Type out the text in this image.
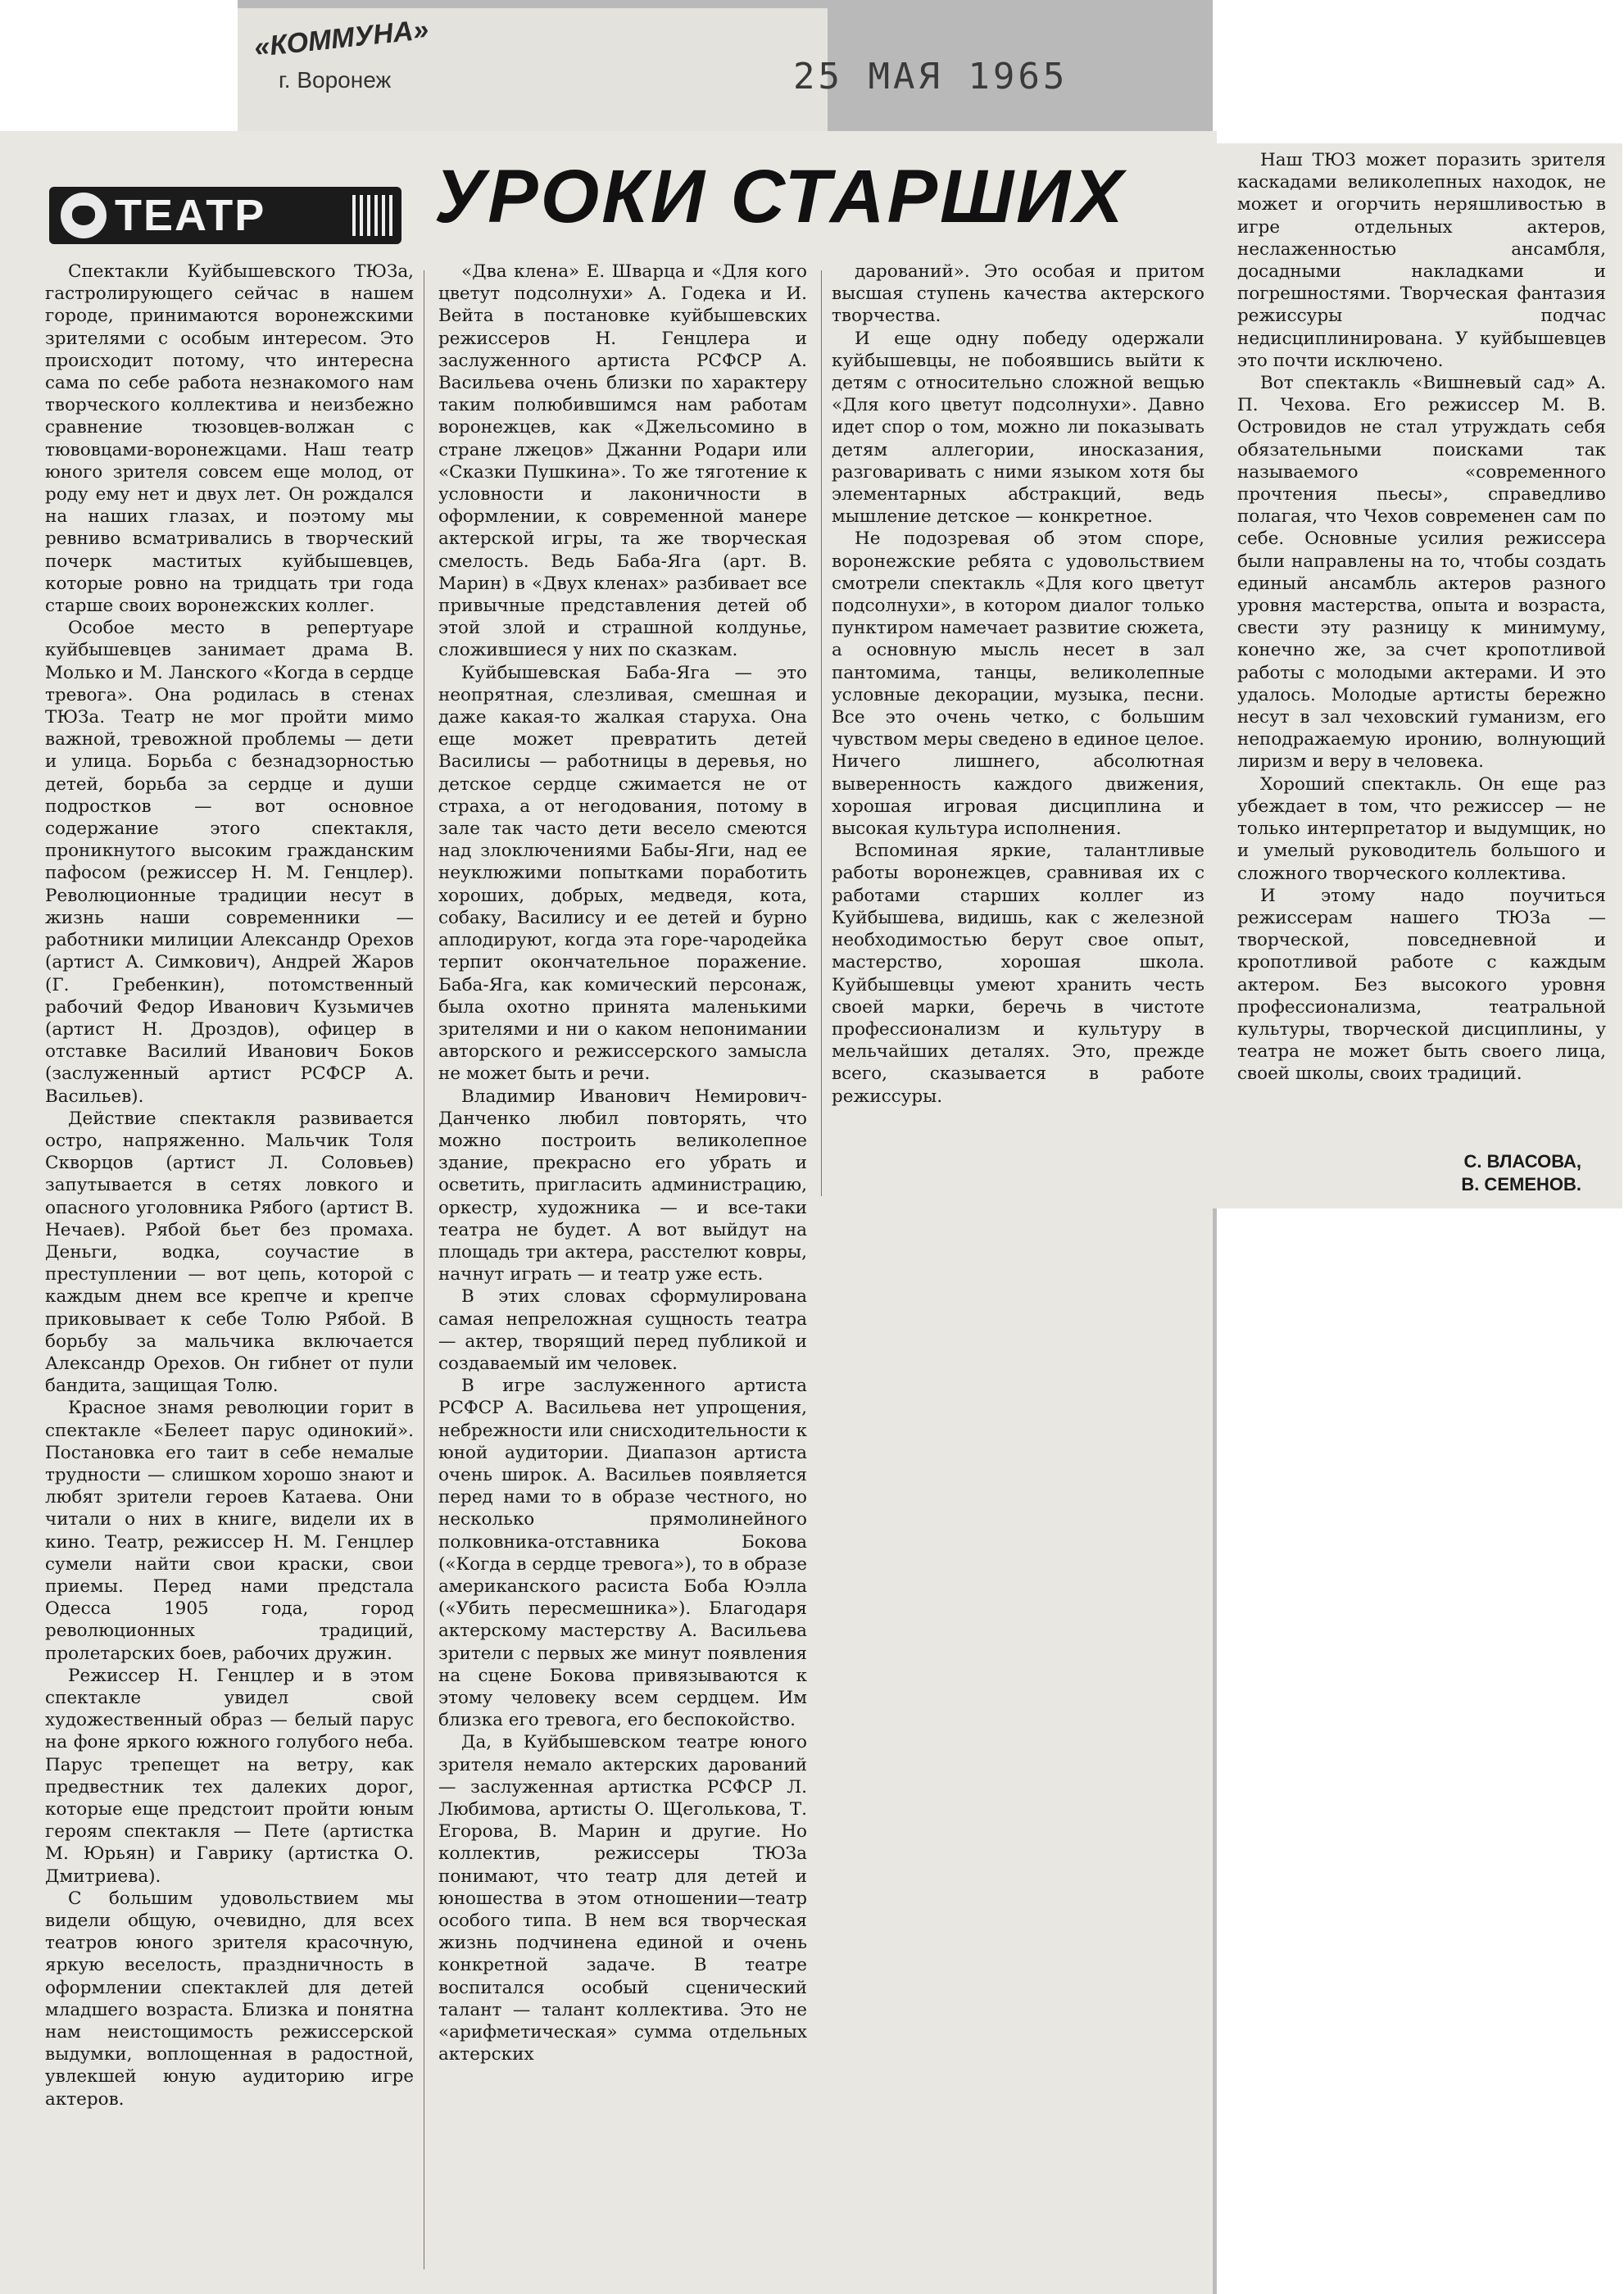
«КОММУНА»
г. Воронеж	25 МАЯ 1965
ТЕАТР УРОКИ СТАРШИХ

Спектакли Куйбышевского ТЮЗа, гастролирующего сейчас в нашем городе, принимаются воронежскими зрителями с особым интересом. Это происходит потому, что интересна сама по себе работа незнакомого нам творческого коллектива и неизбежно сравнение тюзовцев-волжан с тювовцами-воронежцами. Наш театр юного зрителя совсем еще молод, от роду ему нет и двух лет. Он рождался на наших глазах, и поэтому мы ревниво всматривались в творческий почерк маститых куйбышевцев, которые ровно на тридцать три года старше своих воронежских коллег.

Особое место в репертуаре куйбышевцев занимает драма В. Молько и М. Ланского «Когда в сердце тревога». Она родилась в стенах ТЮЗа. Театр не мог пройти мимо важной, тревожной проблемы — дети и улица. Борьба с безнадзорностью детей, борьба за сердце и души подростков — вот основное содержание этого спектакля, проникнутого высоким гражданским пафосом (режиссер Н. М. Генцлер). Революционные традиции несут в жизнь наши современники — работники милиции Александр Орехов (артист А. Симкович), Андрей Жаров (Г. Гребенкин), потомственный рабочий Федор Иванович Кузьмичев (артист Н. Дроздов), офицер в отставке Василий Иванович Боков (заслуженный артист РСФСР А. Васильев).

Действие спектакля развивается остро, напряженно. Мальчик Толя Скворцов (артист Л. Соловьев) запутывается в сетях ловкого и опасного уголовника Рябого (артист В. Нечаев). Рябой бьет без промаха. Деньги, водка, соучастие в преступлении — вот цепь, которой с каждым днем все крепче и крепче приковывает к себе Толю Рябой. В борьбу за мальчика включается Александр Орехов. Он гибнет от пули бандита, защищая Толю.

Красное знамя революции горит в спектакле «Белеет парус одинокий». Постановка его таит в себе немалые трудности — слишком хорошо знают и любят зрители героев Катаева. Они читали о них в книге, видели их в кино. Театр, режиссер Н. М. Генцлер сумели найти свои краски, свои приемы. Перед нами предстала Одесса 1905 года, город революционных традиций, пролетарских боев, рабочих дружин.

Режиссер Н. Генцлер и в этом спектакле увидел свой художественный образ — белый парус на фоне яркого южного голубого неба. Парус трепещет на ветру, как предвестник тех далеких дорог, которые еще предстоит пройти юным героям спектакля — Пете (артистка М. Юрьян) и Гаврику (артистка О. Дмитриева).

С большим удовольствием мы видели общую, очевидно, для всех театров юного зрителя красочную, яркую веселость, праздничность в оформлении спектаклей для детей младшего возраста. Близка и понятна нам неистощимость режиссерской выдумки, воплощенная в радостной, увлекшей юную аудиторию игре актеров.

«Два клена» Е. Шварца и «Для кого цветут подсолнухи» А. Годека и И. Вейта в постановке куйбышевских режиссеров Н. Генцлера и заслуженного артиста РСФСР А. Васильева очень близки по характеру таким полюбившимся нам работам воронежцев, как «Джельсомино в стране лжецов» Джанни Родари или «Сказки Пушкина». То же тяготение к условности и лаконичности в оформлении, к современной манере актерской игры, та же творческая смелость. Ведь Баба-Яга (арт. В. Марин) в «Двух кленах» разбивает все привычные представления детей об этой злой и страшной колдунье, сложившиеся у них по сказкам.

Куйбышевская Баба-Яга — это неопрятная, слезливая, смешная и даже какая-то жалкая старуха. Она еще может превратить детей Василисы — работницы в деревья, но детское сердце сжимается не от страха, а от негодования, потому в зале так часто дети весело смеются над злоключениями Бабы-Яги, над ее неуклюжими попытками поработить хороших, добрых, медведя, кота, собаку, Василису и ее детей и бурно аплодируют, когда эта горе-чародейка терпит окончательное поражение. Баба-Яга, как комический персонаж, была охотно принята маленькими зрителями и ни о каком непонимании авторского и режиссерского замысла не может быть и речи.

Владимир Иванович Немирович-Данченко любил повторять, что можно построить великолепное здание, прекрасно его убрать и осветить, пригласить администрацию, оркестр, художника — и все-таки театра не будет. А вот выйдут на площадь три актера, расстелют ковры, начнут играть — и театр уже есть.

В этих словах сформулирована самая непреложная сущность театра — актер, творящий перед публикой и создаваемый им человек.

В игре заслуженного артиста РСФСР А. Васильева нет упрощения, небрежности или снисходительности к юной аудитории. Диапазон артиста очень широк. А. Васильев появляется перед нами то в образе честного, но несколько прямолинейного полковника-отставника Бокова («Когда в сердце тревога»), то в образе американского расиста Боба Юэлла («Убить пересмешника»). Благодаря актерскому мастерству А. Васильева зрители с первых же минут появления на сцене Бокова привязываются к этому человеку всем сердцем. Им близка его тревога, его беспокойство.

Да, в Куйбышевском театре юного зрителя немало актерских дарований — заслуженная артистка РСФСР Л. Любимова, артисты О. Щеголькова, Т. Егорова, В. Марин и другие. Но коллектив, режиссеры ТЮЗа понимают, что театр для детей и юношества в этом отношении—театр особого типа. В нем вся творческая жизнь подчинена единой и очень конкретной задаче. В театре воспитался особый сценический талант — талант коллектива. Это не «арифметическая» сумма отдельных актерских

дарований». Это особая и притом высшая ступень качества актерского творчества.

И еще одну победу одержали куйбышевцы, не побоявшись выйти к детям с относительно сложной вещью «Для кого цветут подсолнухи». Давно идет спор о том, можно ли показывать детям аллегории, иносказания, разговаривать с ними языком хотя бы элементарных абстракций, ведь мышление детское — конкретное.

Не подозревая об этом споре, воронежские ребята с удовольствием смотрели спектакль «Для кого цветут подсолнухи», в котором диалог только пунктиром намечает развитие сюжета, а основную мысль несет в зал пантомима, танцы, великолепные условные декорации, музыка, песни. Все это очень четко, с большим чувством меры сведено в единое целое. Ничего лишнего, абсолютная выверенность каждого движения, хорошая игровая дисциплина и высокая культура исполнения.

Вспоминая яркие, талантливые работы воронежцев, сравнивая их с работами старших коллег из Куйбышева, видишь, как с железной необходимостью берут свое опыт, мастерство, хорошая школа. Куйбышевцы умеют хранить честь своей марки, беречь в чистоте профессионализм и культуру в мельчайших деталях. Это, прежде всего, сказывается в работе режиссуры.

Наш ТЮЗ может поразить зрителя каскадами великолепных находок, не может и огорчить неряшливостью в игре отдельных актеров, неслаженностью ансамбля, досадными накладками и погрешностями. Творческая фантазия режиссуры подчас недисциплинирована. У куйбышевцев это почти исключено.

Вот спектакль «Вишневый сад» А. П. Чехова. Его режиссер М. В. Островидов не стал утруждать себя обязательными поисками так называемого «современного прочтения пьесы», справедливо полагая, что Чехов современен сам по себе. Основные усилия режиссера были направлены на то, чтобы создать единый ансамбль актеров разного уровня мастерства, опыта и возраста, свести эту разницу к минимуму, конечно же, за счет кропотливой работы с молодыми актерами. И это удалось. Молодые артисты бережно несут в зал чеховский гуманизм, его неподражаемую иронию, волнующий лиризм и веру в человека.

Хороший спектакль. Он еще раз убеждает в том, что режиссер — не только интерпретатор и выдумщик, но и умелый руководитель большого и сложного творческого коллектива.

И этому надо поучиться режиссерам нашего ТЮЗа — творческой, повседневной и кропотливой работе с каждым актером. Без высокого уровня профессионализма, театральной культуры, творческой дисциплины, у театра не может быть своего лица, своей школы, своих традиций.

С. ВЛАСОВА,
В. СЕМЕНОВ.
